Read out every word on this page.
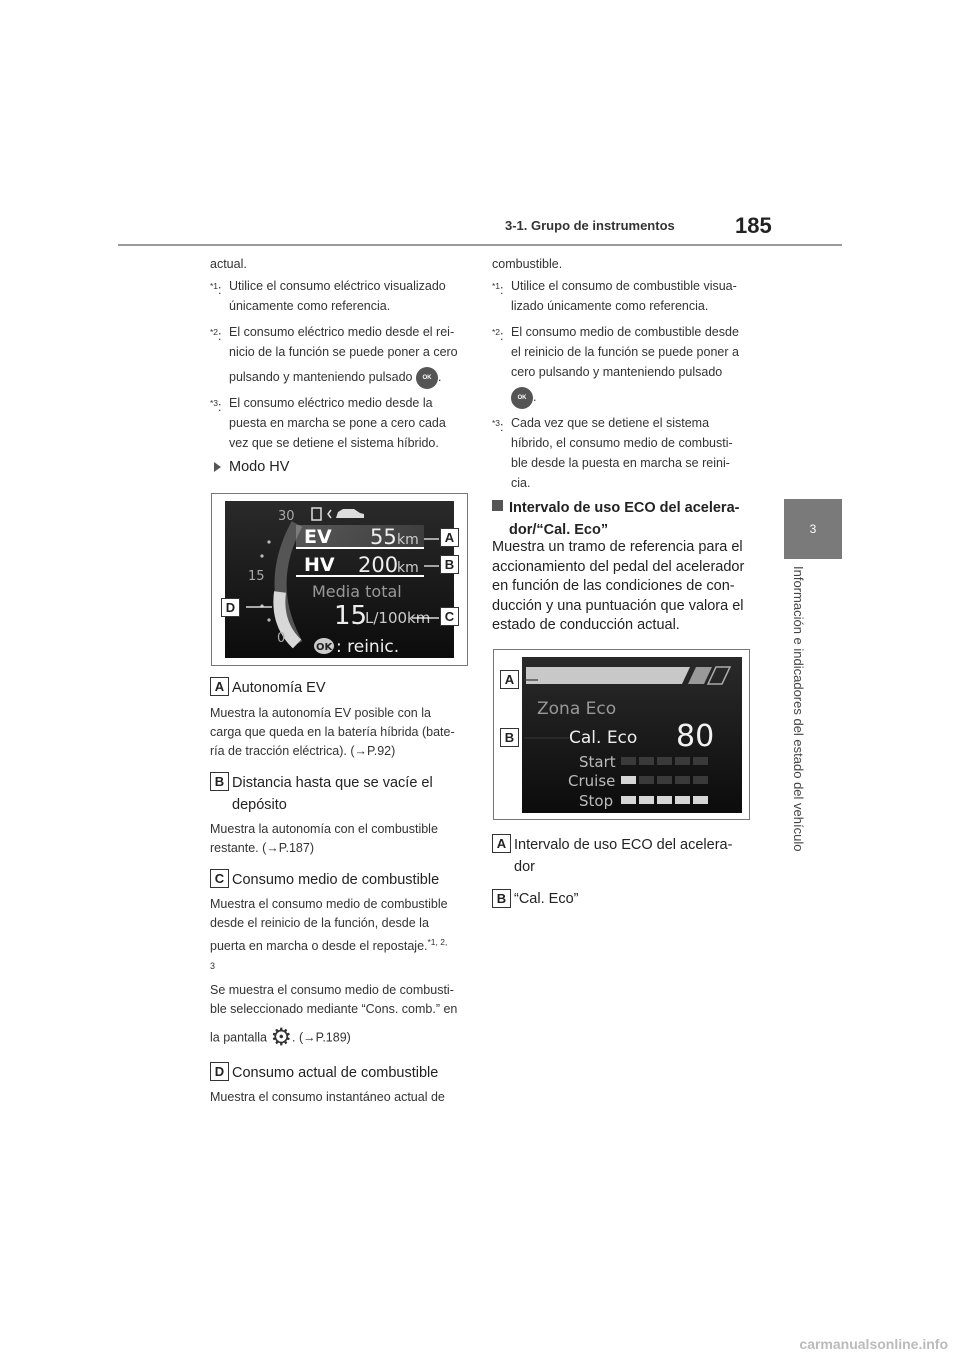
3-1. Grupo de instrumentos	185
3
Información e indicadores del estado del vehículo
actual.
$^{*1}$: Utilice el consumo eléctrico visualizado
únicamente como referencia.
$^{*2}$: El consumo eléctrico medio desde el rei-
nicio de la función se puede poner a cero
pulsando y manteniendo pulsado OK .
$^{*3}$: El consumo eléctrico medio desde la
puesta en marcha se pone a cero cada
vez que se detiene el sistema híbrido.
Modo HV
30
15
0
EV 55 km
HV 200
km
Media total
15
L/100km
OK : reinic.
A
B
C
D
A Autonomía EV
Muestra la autonomía EV posible con la
carga que queda en la batería híbrida (bate-
ría de tracción eléctrica). (→P.92)
B Distancia hasta que se vacíe el
depósito
Muestra la autonomía con el combustible
restante. (→P.187)
C Consumo medio de combustible
Muestra el consumo medio de combustible
desde el reinicio de la función, desde la
puerta en marcha o desde el repostaje.$^{*1, 2,}$
3
Se muestra el consumo medio de combusti-
ble seleccionado mediante “Cons. comb.” en
la pantalla ⚙. (→P.189)
D Consumo actual de combustible
Muestra el consumo instantáneo actual de
combustible.
$^{*1}$: Utilice el consumo de combustible visua-
lizado únicamente como referencia.
$^{*2}$: El consumo medio de combustible desde
el reinicio de la función se puede poner a
cero pulsando y manteniendo pulsado
OK .
$^{*3}$: Cada vez que se detiene el sistema
híbrido, el consumo medio de combusti-
ble desde la puesta en marcha se reini-
cia.
Intervalo de uso ECO del acelera-
dor/“Cal. Eco”
Muestra un tramo de referencia para el
accionamiento del pedal del acelerador
en función de las condiciones de con-
ducción y una puntuación que valora el
estado de conducción actual.
Zona Eco
Cal. Eco 80
Start
Cruise
Stop
A
B
A Intervalo de uso ECO del acelera-
dor
B “Cal. Eco”
carmanualsonline.info
